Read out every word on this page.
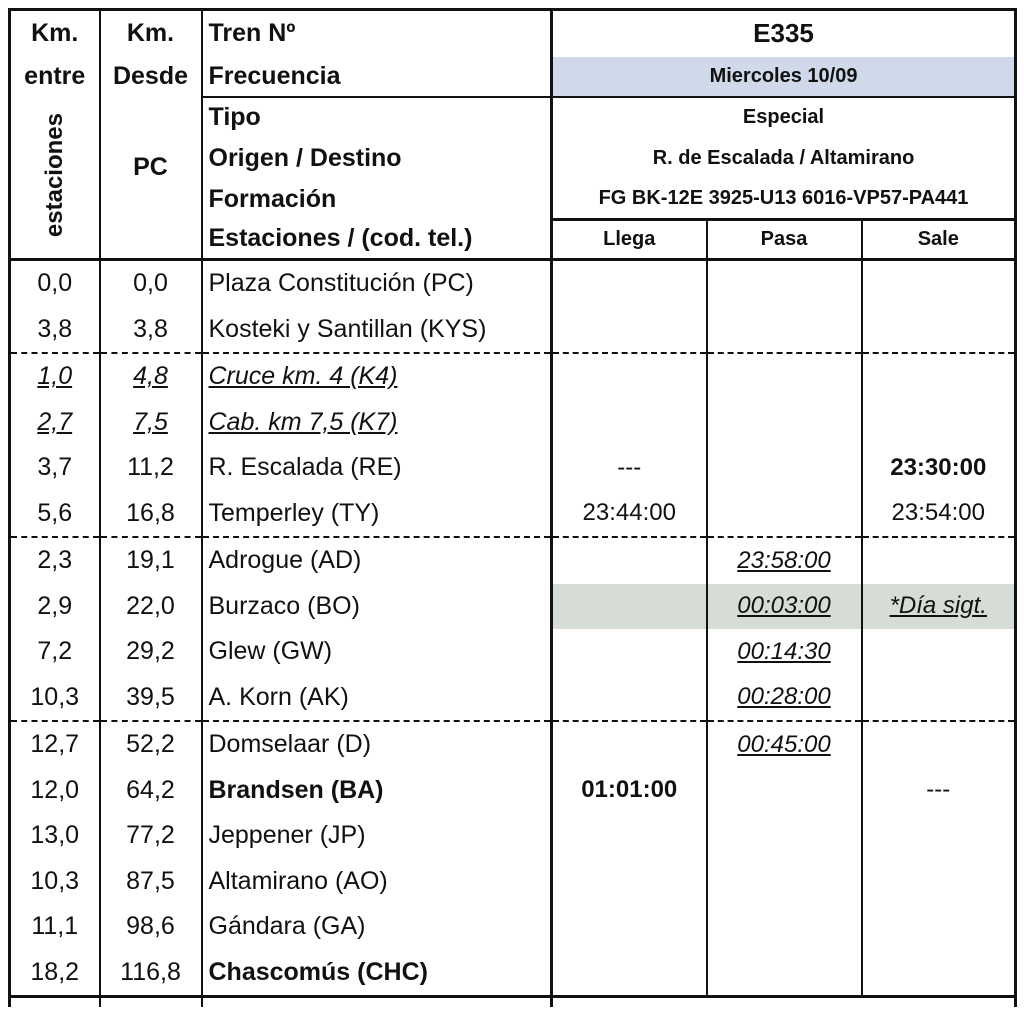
Km.	Km.	Tren Nº	E335		
entre	Desde	Frecuencia	Miercoles 10/09		
estaciones	PC	Tipo	Especial		
		Origen / Destino	R. de Escalada / Altamirano		
		Formación	FG BK-12E 3925-U13 6016-VP57-PA441		
		Estaciones / (cod. tel.)	Llega	Pasa	Sale
0,0	0,0	Plaza Constitución (PC)			
3,8	3,8	Kosteki y Santillan (KYS)			
1,0	4,8	Cruce km. 4 (K4)			
2,7	7,5	Cab. km 7,5 (K7)			
3,7	11,2	R. Escalada (RE)	---		23:30:00
5,6	16,8	Temperley (TY)	23:44:00		23:54:00
2,3	19,1	Adrogue (AD)		23:58:00	
2,9	22,0	Burzaco (BO)		00:03:00	*Día sigt.
7,2	29,2	Glew (GW)		00:14:30	
10,3	39,5	A. Korn (AK)		00:28:00	
12,7	52,2	Domselaar (D)		00:45:00	
12,0	64,2	Brandsen (BA)	01:01:00		---
13,0	77,2	Jeppener (JP)			
10,3	87,5	Altamirano (AO)			
11,1	98,6	Gándara (GA)			
18,2	116,8	Chascomús (CHC)			
